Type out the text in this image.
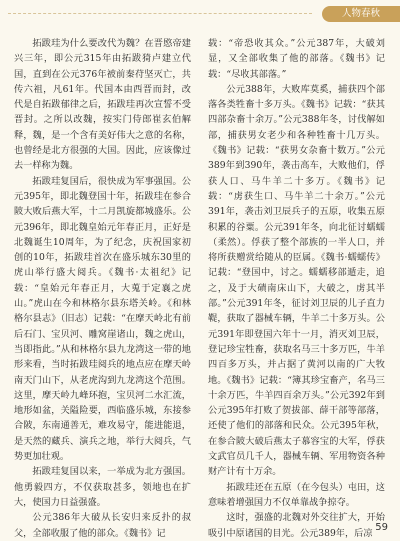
人物春秋

拓跋珪为什么要改代为魏？在晋愍帝建兴三年，即公元315年由拓跋猗卢建立代国，直到在公元376年被前秦苻坚灭亡，共传六祖，凡61年。代国本由西晋而封，改代是自拓跋郁律之后，拓跋珪再次宣誓不受晋封。之所以改魏，按实门侍郎崔玄伯解释，魏，是一个含有美好伟大之意的名称，也曾经是北方很强的大国。因此，应该像过去一样称为魏。

拓跋珪复国后，很快成为军事强国。公元395年，即北魏登国十年，拓跋珪在参合陂大败后燕大军，十二月凯旋都城盛乐。公元396年，即北魏皇始元年春正月，正好是北魏诞生10周年，为了纪念，庆祝国家初创的10年，拓跋珪首次在盛乐城东30里的虎山举行盛大阅兵。《魏书·太祖纪》记载：“皇始元年春正月，大蒐于定襄之虎山。”虎山在今和林格尔县东塔关岭。《和林格尔县志》（旧志）记载：“在摩天岭北有前后石门、宝贝河、雕窝崖诸山，魏之虎山，当即指此。”从和林格尔县九龙湾这一带的地形来看，当时拓跋珪阅兵的地点应在摩天岭南天门山下，从老虎沟到九龙湾这个范围。这里，摩天岭九峰环抱，宝贝河二水汇流，地形如盆，关隘险要，西临盛乐城，东接参合陂，东南通善无，难攻易守，能进能退，是天然的藏兵、演兵之地，举行大阅兵，气势更加壮观。

拓跋珪复国以来，一举成为北方强国。他勇毅四方，不仅获取甚多，领地也在扩大，使国力日益强盛。

公元386年大破从长安归来反扑的叔父，全部收服了他的部众。《魏书》记

载：“帝恐收其众。”公元387年，大破刘显，又全部收集了他的部落。《魏书》记载：“尽收其部落。”

公元388年，大败库莫奚，捕获四个部落各类牲畜十多万头。《魏书》记载：“获其四部杂畜十余万。”公元388年冬，讨伐解如部，捕获男女老少和各种牲畜十几万头。《魏书》记载：“获男女杂畜十数万。”公元389年到390年，袭击高车，大败他们，俘获人口、马牛羊二十多万。《魏书》记载：“虏获生口、马牛羊二十余万。”公元391年，袭击刘卫辰兵子的五原，收集五原积累的谷粟。公元391年冬，向北征讨蠕蠕（柔然）。俘获了整个部族的一半人口，并将所获赠赏给随从的臣属。《魏书·蠕蠕传》记载：“登国中，讨之。蠕蠕移部遁走，追之，及于大磧南床山下，大破之，虏其半部。”公元391年冬，征讨刘卫辰的儿子直力鞮，获取了器械车辆，牛羊二十多万头。公元391年即登国六年十一月，消灭刘卫辰，登记珍宝牲畜，获取名马三十多万匹，牛羊四百多万头，并占据了黄河以南的广大牧地。《魏书》记载：“簿其珍宝畜产，名马三十余万匹，牛羊四百余万头。”公元392年到公元395年打败了贺拔部、薛干部等部落，还使了他们的部落和民众。公元395年秋，在参合陂大破后燕太子慕容宝的大军，俘获文武官员几千人，器械车辆、军用物资各种财产计有十万余。

拓跋珪还在五原（在今包头）屯田，这意味着增强国力不仅单靠战争掠夺。

这时，强盛的北魏对外交往扩大，开始吸引中原诸国的目光。公元389年，后凉 59
